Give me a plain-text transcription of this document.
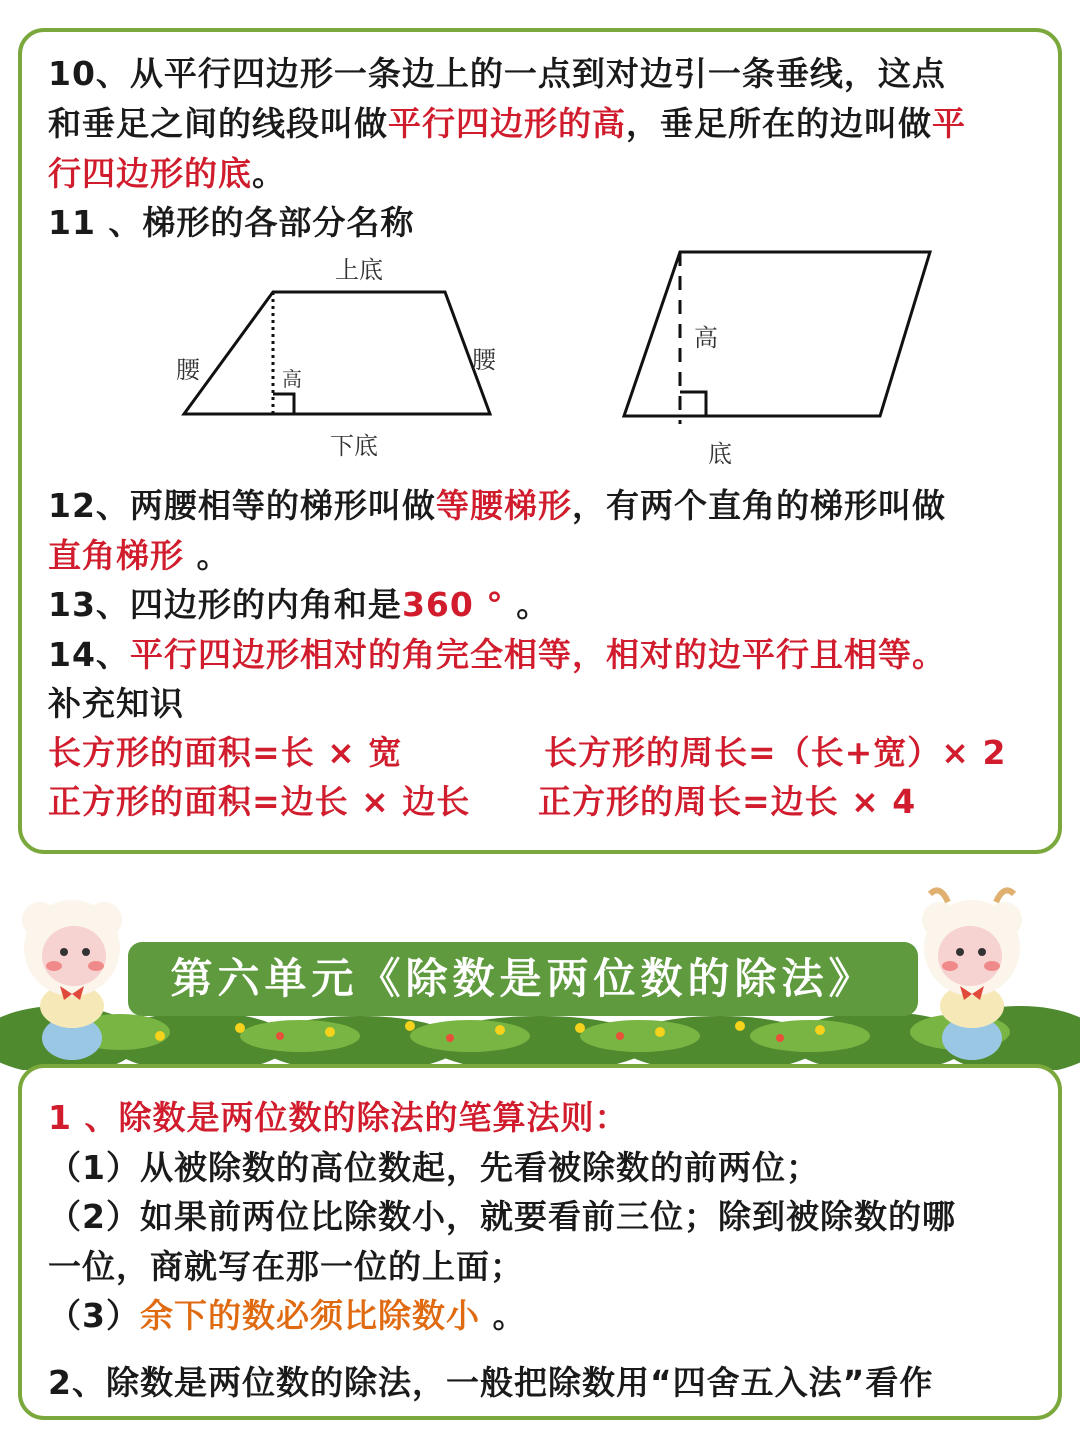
10、从平行四边形一条边上的一点到对边引一条垂线，这点
和垂足之间的线段叫做平行四边形的高，垂足所在的边叫做平
行四边形的底。
11 、梯形的各部分名称
上底
下底
腰	腰
高
高
底
12、两腰相等的梯形叫做等腰梯形，有两个直角的梯形叫做
直角梯形 。
13、四边形的内角和是360 ° 。
14、平行四边形相对的角完全相等，相对的边平行且相等。
补充知识
长方形的面积=长 × 宽	长方形的周长=（长+宽）× 2
正方形的面积=边长 × 边长 正方形的周长=边长 × 4
第六单元《除数是两位数的除法》
1 、除数是两位数的除法的笔算法则：
（1）从被除数的高位数起，先看被除数的前两位；
（2）如果前两位比除数小，就要看前三位；除到被除数的哪
一位，商就写在那一位的上面；
（3）余下的数必须比除数小 。
2、除数是两位数的除法，一般把除数用“四舍五入法”看作
